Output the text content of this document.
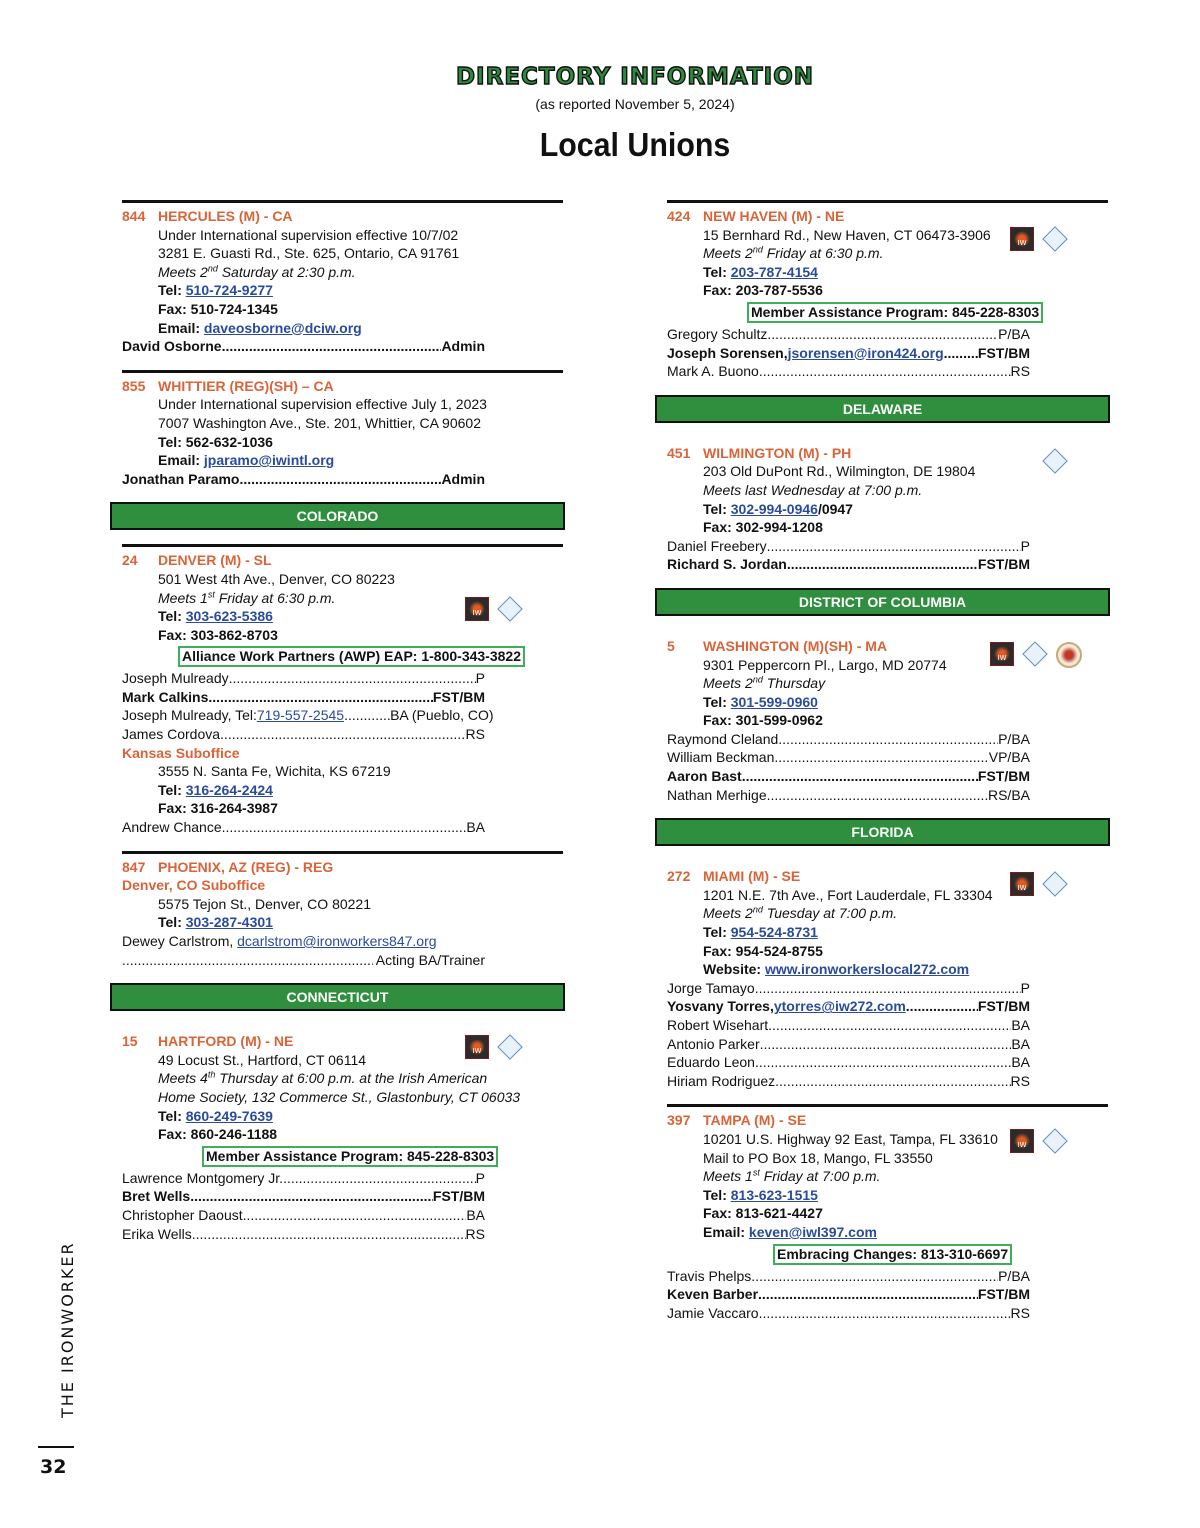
DIRECTORY INFORMATION
(as reported November 5, 2024)
Local Unions
844 HERCULES (M) - CA
Under International supervision effective 10/7/02
3281 E. Guasti Rd., Ste. 625, Ontario, CA 91761
Meets 2nd Saturday at 2:30 p.m.
Tel: 510-724-9277
Fax: 510-724-1345
Email: daveosborne@dciw.org
David Osborne .....	Admin
855 WHITTIER (REG)(SH) – CA
Under International supervision effective July 1, 2023
7007 Washington Ave., Ste. 201, Whittier, CA 90602
Tel: 562-632-1036
Email: jparamo@iwintl.org
Jonathan Paramo .....	Admin
COLORADO
IW
24 DENVER (M) - SL
501 West 4th Ave., Denver, CO 80223
Meets 1st Friday at 6:30 p.m.
Tel: 303-623-5386
Fax: 303-862-8703
Alliance Work Partners (AWP) EAP: 1-800-343-3822
Joseph Mulready .....	P
Mark Calkins .....	FST/BM
Joseph Mulready, Tel: 719-557-2545 .....	BA (Pueblo, CO)
James Cordova .....	RS
Kansas Suboffice
3555 N. Santa Fe, Wichita, KS 67219
Tel: 316-264-2424
Fax: 316-264-3987
Andrew Chance .....	BA
847 PHOENIX, AZ (REG) - REG
Denver, CO Suboffice
5575 Tejon St., Denver, CO 80221
Tel: 303-287-4301
Dewey Carlstrom, dcarlstrom@ironworkers847.org
.....
Acting BA/Trainer
CONNECTICUT
IW
15 HARTFORD (M) - NE
49 Locust St., Hartford, CT 06114
Meets 4th Thursday at 6:00 p.m. at the Irish American
Home Society, 132 Commerce St., Glastonbury, CT 06033
Tel: 860-249-7639
Fax: 860-246-1188
Member Assistance Program: 845-228-8303
Lawrence Montgomery Jr. .....	P
Bret Wells .....	FST/BM
Christopher Daoust .....	BA
Erika Wells .....	RS
IW
424 NEW HAVEN (M) - NE
15 Bernhard Rd., New Haven, CT 06473-3906
Meets 2nd Friday at 6:30 p.m.
Tel: 203-787-4154
Fax: 203-787-5536
Member Assistance Program: 845-228-8303
Gregory Schultz .....	P/BA
Joseph Sorensen, jsorensen@iron424.org ..... FST/BM
Mark A. Buono .....	RS
DELAWARE
451 WILMINGTON (M) - PH
203 Old DuPont Rd., Wilmington, DE 19804
Meets last Wednesday at 7:00 p.m.
Tel: 302-994-0946/0947
Fax: 302-994-1208
Daniel Freebery .....	P
Richard S. Jordan .....	FST/BM
DISTRICT OF COLUMBIA
IW
5 WASHINGTON (M)(SH) - MA
9301 Peppercorn Pl., Largo, MD 20774
Meets 2nd Thursday
Tel: 301-599-0960
Fax: 301-599-0962
Raymond Cleland .....	P/BA
William Beckman .....	VP/BA
Aaron Bast .....	FST/BM
Nathan Merhige .....	RS/BA
FLORIDA
IW
272 MIAMI (M) - SE
1201 N.E. 7th Ave., Fort Lauderdale, FL 33304
Meets 2nd Tuesday at 7:00 p.m.
Tel: 954-524-8731
Fax: 954-524-8755
Website: www.ironworkerslocal272.com
Jorge Tamayo .....	P
Yosvany Torres, ytorres@iw272.com .....	FST/BM
Robert Wisehart .....	BA
Antonio Parker .....	BA
Eduardo Leon .....	BA
Hiriam Rodriguez .....	RS
IW
397 TAMPA (M) - SE
10201 U.S. Highway 92 East, Tampa, FL 33610
Mail to PO Box 18, Mango, FL 33550
Meets 1st Friday at 7:00 p.m.
Tel: 813-623-1515
Fax: 813-621-4427
Email: keven@iwl397.com
Embracing Changes: 813-310-6697
Travis Phelps .....	P/BA
Keven Barber .....	FST/BM
Jamie Vaccaro .....	RS
THE IRONWORKER
32
